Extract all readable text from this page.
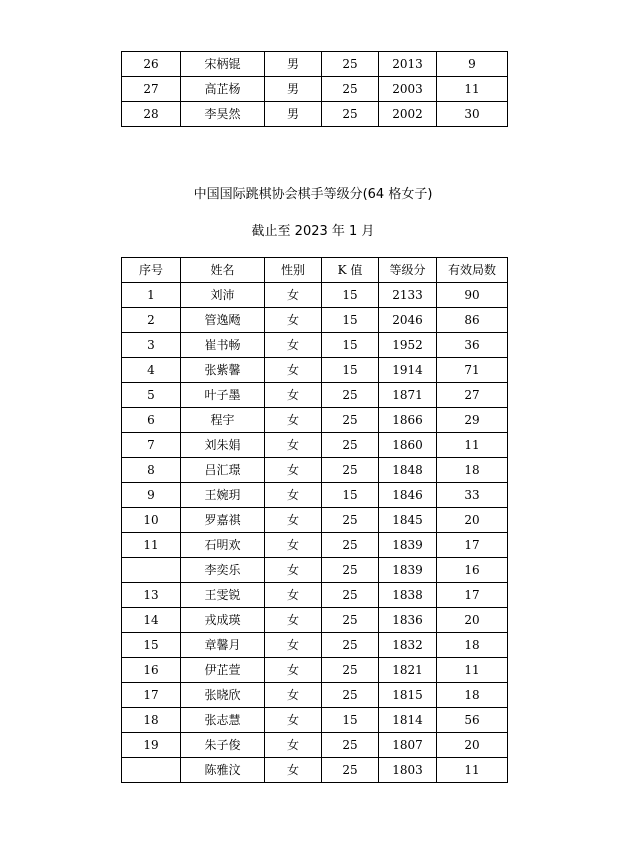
26	宋柄锟	男	25	2013	9
27	高芷杨	男	25	2003	11
28	李昊然	男	25	2002	30

中国国际跳棋协会棋手等级分(64 格女子)

截止至 2023 年 1 月

序号	姓名	性别	K 值	等级分	有效局数
1	刘沛	女	15	2133	90
2	管逸飏	女	15	2046	86
3	崔书畅	女	15	1952	36
4	张紫馨	女	15	1914	71
5	叶子墨	女	25	1871	27
6	程宇	女	25	1866	29
7	刘朱娟	女	25	1860	11
8	吕汇璟	女	25	1848	18
9	王婉玥	女	15	1846	33
10	罗嘉祺	女	25	1845	20
11	石明欢	女	25	1839	17
	李奕乐	女	25	1839	16
13	王雯锐	女	25	1838	17
14	戎成瑛	女	25	1836	20
15	章馨月	女	25	1832	18
16	伊芷萱	女	25	1821	11
17	张晓欣	女	25	1815	18
18	张志慧	女	15	1814	56
19	朱子俊	女	25	1807	20
	陈雅汶	女	25	1803	11
